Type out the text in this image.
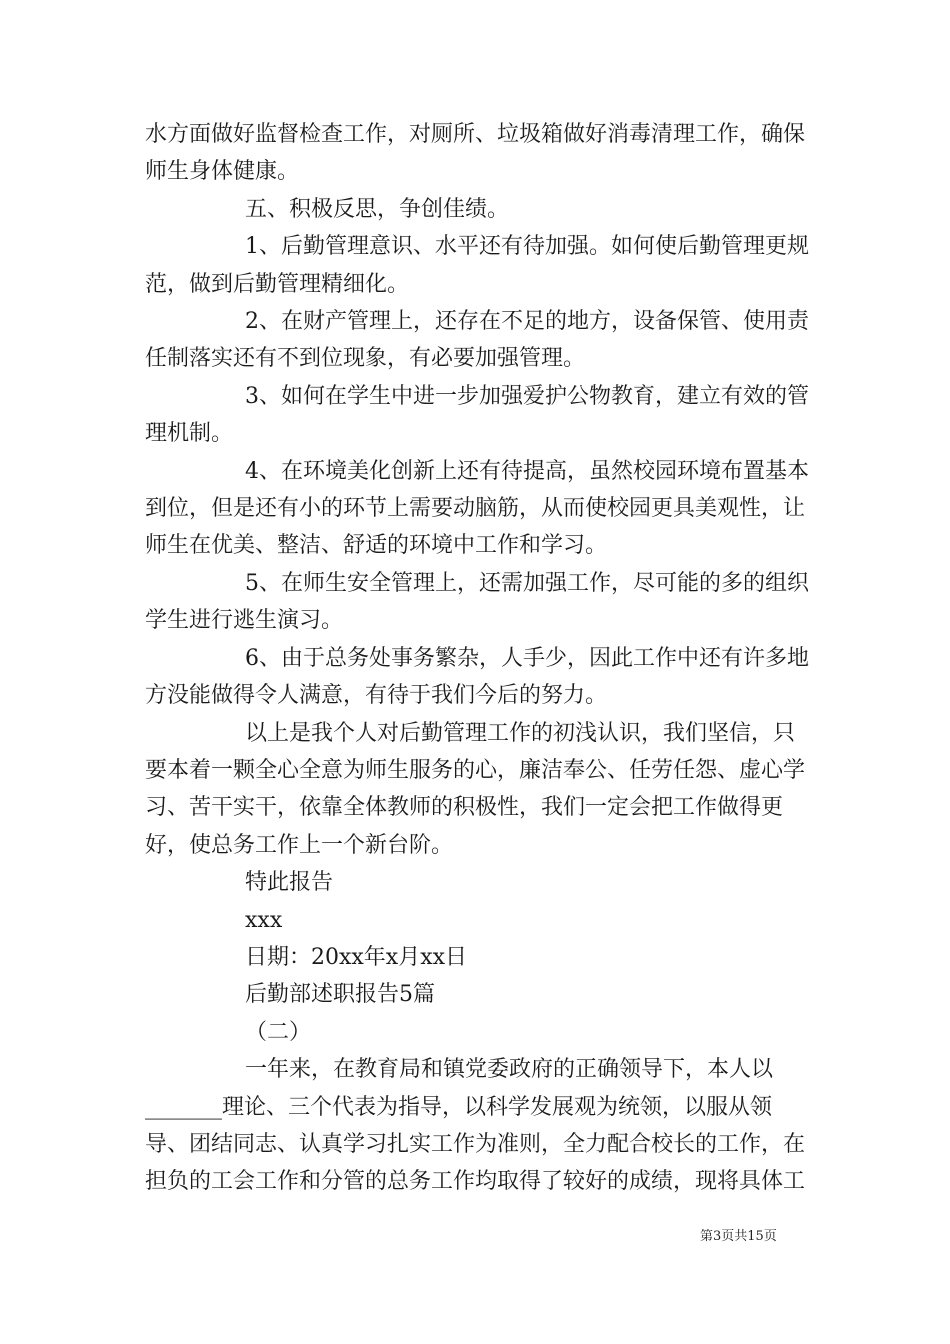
水方面做好监督检查工作，对厕所、垃圾箱做好消毒清理工作，确保师生身体健康。

五、积极反思，争创佳绩。

1、后勤管理意识、水平还有待加强。如何使后勤管理更规范，做到后勤管理精细化。

2、在财产管理上，还存在不足的地方，设备保管、使用责任制落实还有不到位现象，有必要加强管理。

3、如何在学生中进一步加强爱护公物教育，建立有效的管理机制。

4、在环境美化创新上还有待提高，虽然校园环境布置基本到位，但是还有小的环节上需要动脑筋，从而使校园更具美观性，让师生在优美、整洁、舒适的环境中工作和学习。

5、在师生安全管理上，还需加强工作，尽可能的多的组织学生进行逃生演习。

6、由于总务处事务繁杂，人手少，因此工作中还有许多地方没能做得令人满意，有待于我们今后的努力。

以上是我个人对后勤管理工作的初浅认识，我们坚信，只要本着一颗全心全意为师生服务的心，廉洁奉公、任劳任怨、虚心学习、苦干实干，依靠全体教师的积极性，我们一定会把工作做得更好，使总务工作上一个新台阶。

特此报告

xxx

日期：20xx年x月xx日

后勤部述职报告5篇

（二）

一年来，在教育局和镇党委政府的正确领导下，本人以_______理论、三个代表为指导，以科学发展观为统领，以服从领导、团结同志、认真学习扎实工作为准则，全力配合校长的工作，在担负的工会工作和分管的总务工作均取得了较好的成绩，现将具体工

第3页共15页
